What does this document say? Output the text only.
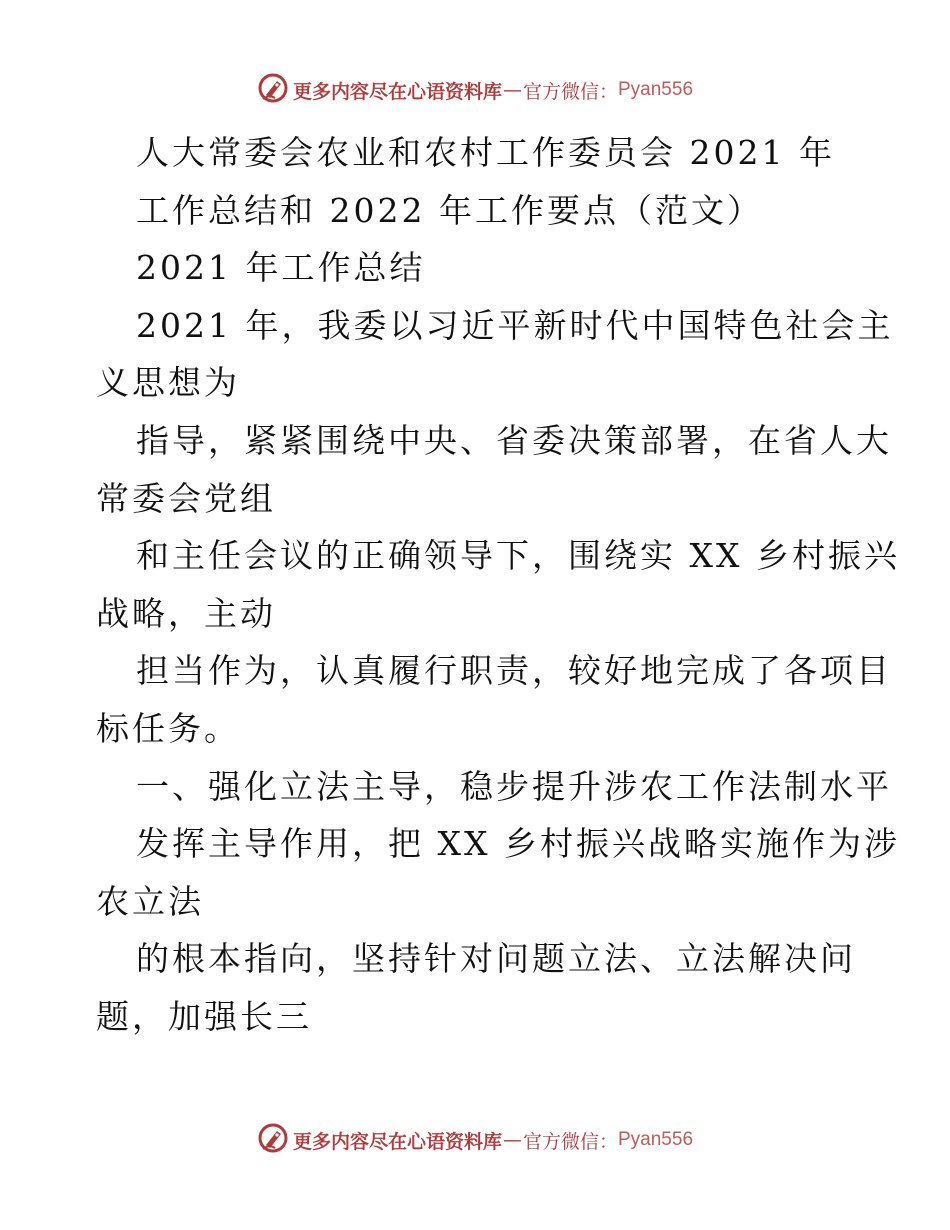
更多内容尽在心语资料库 — 官方微信： Pyan556
人大常委会农业和农村工作委员会 2021 年
工作总结和 2022 年工作要点（范文）
2021 年工作总结
2021 年，我委以习近平新时代中国特色社会主
义思想为
指导，紧紧围绕中央、省委决策部署，在省人大
常委会党组
和主任会议的正确领导下，围绕实 XX 乡村振兴
战略，主动
担当作为，认真履行职责，较好地完成了各项目
标任务。
一、强化立法主导，稳步提升涉农工作法制水平
发挥主导作用，把 XX 乡村振兴战略实施作为涉
农立法
的根本指向，坚持针对问题立法、立法解决问
题，加强长三
更多内容尽在心语资料库 — 官方微信： Pyan556
